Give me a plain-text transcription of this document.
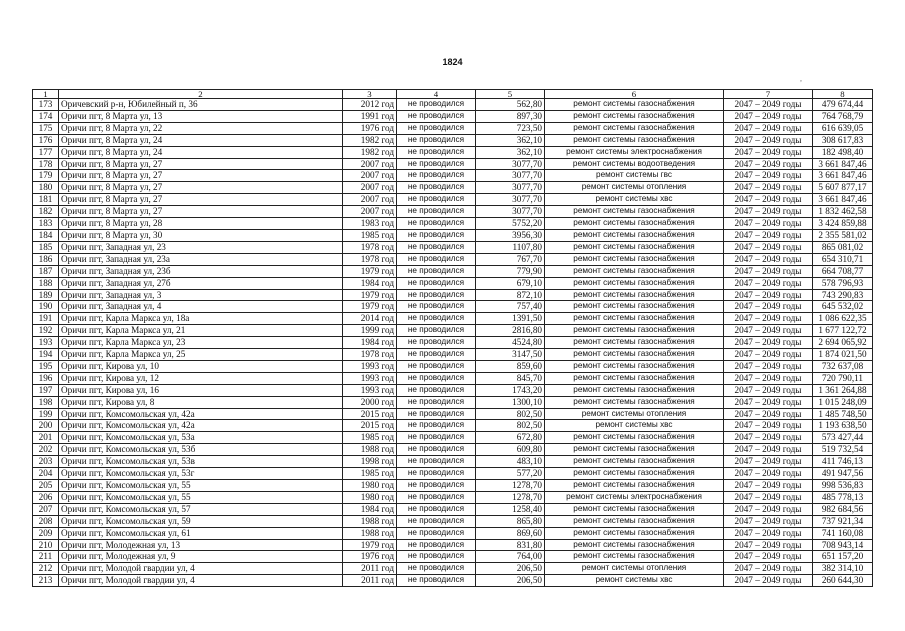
1824
,
1	2	3	4	5	6	7	8
173	Оричевский р-н, Юбилейный п, 36	2012 год	не проводился	562,80	ремонт системы газоснабжения	2047 – 2049 годы	479 674,44
174	Оричи пгт, 8 Марта ул, 13	1991 год	не проводился	897,30	ремонт системы газоснабжения	2047 – 2049 годы	764 768,79
175	Оричи пгт, 8 Марта ул, 22	1976 год	не проводился	723,50	ремонт системы газоснабжения	2047 – 2049 годы	616 639,05
176	Оричи пгт, 8 Марта ул, 24	1982 год	не проводился	362,10	ремонт системы газоснабжения	2047 – 2049 годы	308 617,83
177	Оричи пгт, 8 Марта ул, 24	1982 год	не проводился	362,10	ремонт системы электроснабжения	2047 – 2049 годы	182 498,40
178	Оричи пгт, 8 Марта ул, 27	2007 год	не проводился	3077,70	ремонт системы водоотведения	2047 – 2049 годы	3 661 847,46
179	Оричи пгт, 8 Марта ул, 27	2007 год	не проводился	3077,70	ремонт системы гвс	2047 – 2049 годы	3 661 847,46
180	Оричи пгт, 8 Марта ул, 27	2007 год	не проводился	3077,70	ремонт системы отопления	2047 – 2049 годы	5 607 877,17
181	Оричи пгт, 8 Марта ул, 27	2007 год	не проводился	3077,70	ремонт системы хвс	2047 – 2049 годы	3 661 847,46
182	Оричи пгт, 8 Марта ул, 27	2007 год	не проводился	3077,70	ремонт системы газоснабжения	2047 – 2049 годы	1 832 462,58
183	Оричи пгт, 8 Марта ул, 28	1983 год	не проводился	5752,20	ремонт системы газоснабжения	2047 – 2049 годы	3 424 859,88
184	Оричи пгт, 8 Марта ул, 30	1985 год	не проводился	3956,30	ремонт системы газоснабжения	2047 – 2049 годы	2 355 581,02
185	Оричи пгт, Западная ул, 23	1978 год	не проводился	1107,80	ремонт системы газоснабжения	2047 – 2049 годы	865 081,02
186	Оричи пгт, Западная ул, 23а	1978 год	не проводился	767,70	ремонт системы газоснабжения	2047 – 2049 годы	654 310,71
187	Оричи пгт, Западная ул, 23б	1979 год	не проводился	779,90	ремонт системы газоснабжения	2047 – 2049 годы	664 708,77
188	Оричи пгт, Западная ул, 27б	1984 год	не проводился	679,10	ремонт системы газоснабжения	2047 – 2049 годы	578 796,93
189	Оричи пгт, Западная ул, 3	1979 год	не проводился	872,10	ремонт системы газоснабжения	2047 – 2049 годы	743 290,83
190	Оричи пгт, Западная ул, 4	1979 год	не проводился	757,40	ремонт системы газоснабжения	2047 – 2049 годы	645 532,02
191	Оричи пгт, Карла Маркса ул, 18а	2014 год	не проводился	1391,50	ремонт системы газоснабжения	2047 – 2049 годы	1 086 622,35
192	Оричи пгт, Карла Маркса ул, 21	1999 год	не проводился	2816,80	ремонт системы газоснабжения	2047 – 2049 годы	1 677 122,72
193	Оричи пгт, Карла Маркса ул, 23	1984 год	не проводился	4524,80	ремонт системы газоснабжения	2047 – 2049 годы	2 694 065,92
194	Оричи пгт, Карла Маркса ул, 25	1978 год	не проводился	3147,50	ремонт системы газоснабжения	2047 – 2049 годы	1 874 021,50
195	Оричи пгт, Кирова ул, 10	1993 год	не проводился	859,60	ремонт системы газоснабжения	2047 – 2049 годы	732 637,08
196	Оричи пгт, Кирова ул, 12	1993 год	не проводился	845,70	ремонт системы газоснабжения	2047 – 2049 годы	720 790,11
197	Оричи пгт, Кирова ул, 16	1993 год	не проводился	1743,20	ремонт системы газоснабжения	2047 – 2049 годы	1 361 264,88
198	Оричи пгт, Кирова ул, 8	2000 год	не проводился	1300,10	ремонт системы газоснабжения	2047 – 2049 годы	1 015 248,09
199	Оричи пгт, Комсомольская ул, 42а	2015 год	не проводился	802,50	ремонт системы отопления	2047 – 2049 годы	1 485 748,50
200	Оричи пгт, Комсомольская ул, 42а	2015 год	не проводился	802,50	ремонт системы хвс	2047 – 2049 годы	1 193 638,50
201	Оричи пгт, Комсомольская ул, 53а	1985 год	не проводился	672,80	ремонт системы газоснабжения	2047 – 2049 годы	573 427,44
202	Оричи пгт, Комсомольская ул, 53б	1988 год	не проводился	609,80	ремонт системы газоснабжения	2047 – 2049 годы	519 732,54
203	Оричи пгт, Комсомольская ул, 53в	1998 год	не проводился	483,10	ремонт системы газоснабжения	2047 – 2049 годы	411 746,13
204	Оричи пгт, Комсомольская ул, 53г	1985 год	не проводился	577,20	ремонт системы газоснабжения	2047 – 2049 годы	491 947,56
205	Оричи пгт, Комсомольская ул, 55	1980 год	не проводился	1278,70	ремонт системы газоснабжения	2047 – 2049 годы	998 536,83
206	Оричи пгт, Комсомольская ул, 55	1980 год	не проводился	1278,70	ремонт системы электроснабжения	2047 – 2049 годы	485 778,13
207	Оричи пгт, Комсомольская ул, 57	1984 год	не проводился	1258,40	ремонт системы газоснабжения	2047 – 2049 годы	982 684,56
208	Оричи пгт, Комсомольская ул, 59	1988 год	не проводился	865,80	ремонт системы газоснабжения	2047 – 2049 годы	737 921,34
209	Оричи пгт, Комсомольская ул, 61	1988 год	не проводился	869,60	ремонт системы газоснабжения	2047 – 2049 годы	741 160,08
210	Оричи пгт, Молодежная ул, 13	1979 год	не проводился	831,80	ремонт системы газоснабжения	2047 – 2049 годы	708 943,14
211	Оричи пгт, Молодежная ул, 9	1976 год	не проводился	764,00	ремонт системы газоснабжения	2047 – 2049 годы	651 157,20
212	Оричи пгт, Молодой гвардии ул, 4	2011 год	не проводился	206,50	ремонт системы отопления	2047 – 2049 годы	382 314,10
213	Оричи пгт, Молодой гвардии ул, 4	2011 год	не проводился	206,50	ремонт системы хвс	2047 – 2049 годы	260 644,30
